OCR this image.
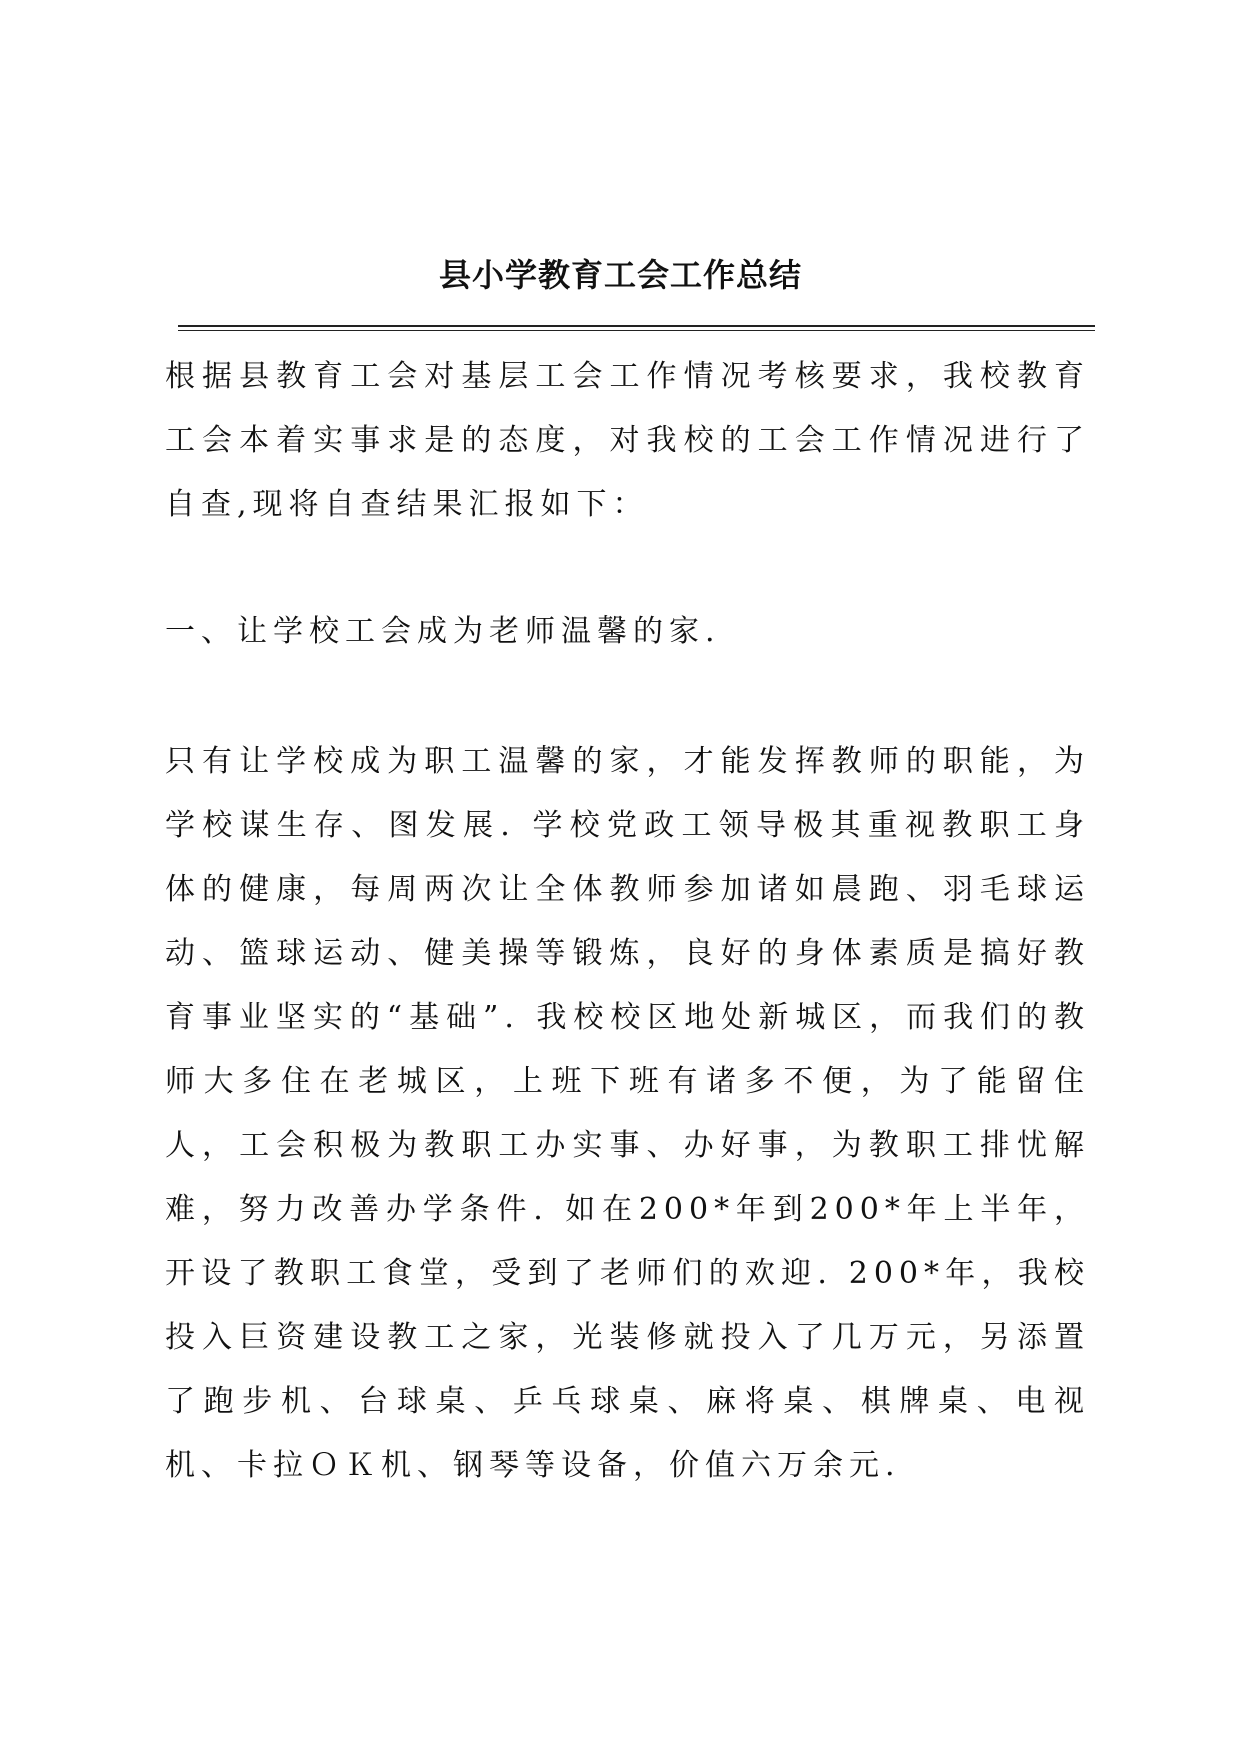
县小学教育工会工作总结

根据县教育工会对基层工会工作情况考核要求，我校教育工会本着实事求是的态度，对我校的工会工作情况进行了自查,现将自查结果汇报如下：

一、让学校工会成为老师温馨的家.

只有让学校成为职工温馨的家，才能发挥教师的职能，为学校谋生存、图发展. 学校党政工领导极其重视教职工身体的健康，每周两次让全体教师参加诸如晨跑、羽毛球运动、篮球运动、健美操等锻炼，良好的身体素质是搞好教育事业坚实的“基础”. 我校校区地处新城区，而我们的教师大多住在老城区，上班下班有诸多不便，为了能留住人，工会积极为教职工办实事、办好事，为教职工排忧解难，努力改善办学条件. 如在200*年到200*年上半年，开设了教职工食堂，受到了老师们的欢迎. 200*年，我校投入巨资建设教工之家，光装修就投入了几万元，另添置了跑步机、台球桌、乒乓球桌、麻将桌、棋牌桌、电视机、卡拉ＯＫ机、钢琴等设备，价值六万余元.
